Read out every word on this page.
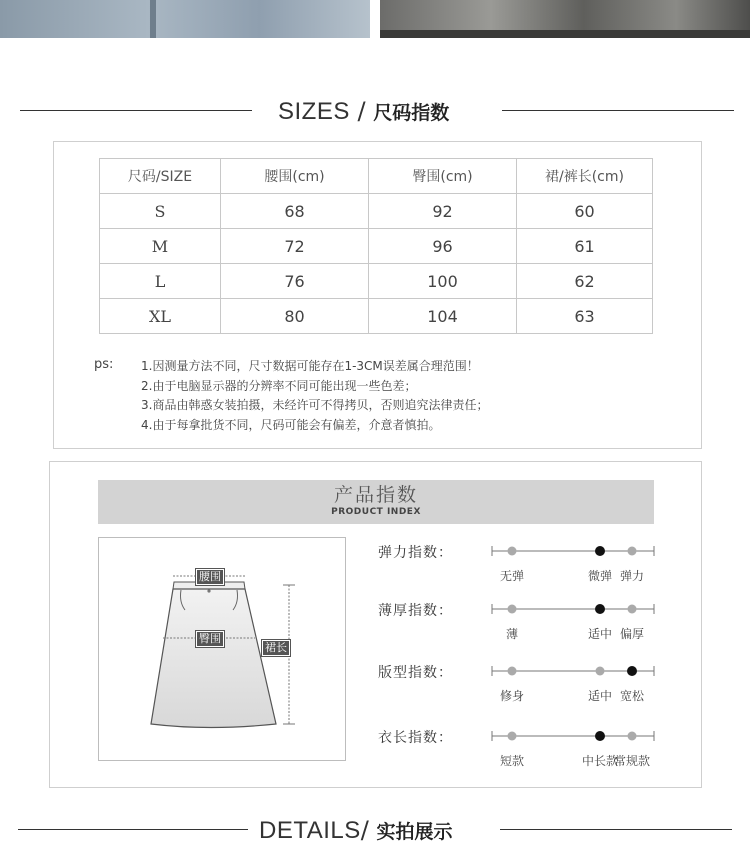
SIZES / 尺码指数
尺码/SIZE	腰围(cm)	臀围(cm)	裙/裤长(cm)
S	68	92	60
M	72	96	61
L	76	100	62
XL	80	104	63
ps: 1.因测量方法不同，尺寸数据可能存在1-3CM误差属合理范围！
2.由于电脑显示器的分辨率不同可能出现一些色差；
3.商品由韩惑女装拍摄，未经许可不得拷贝，否则追究法律责任；
4.由于每拿批货不同，尺码可能会有偏差，介意者慎拍。
产品指数
PRODUCT INDEX
腰围
臀围
裙长
弹力指数：
无弹	微弹 弹力
薄厚指数：
薄	适中 偏厚
版型指数：
修身	适中 宽松
衣长指数：
短款	中长款
常规款
DETAILS/ 实拍展示
